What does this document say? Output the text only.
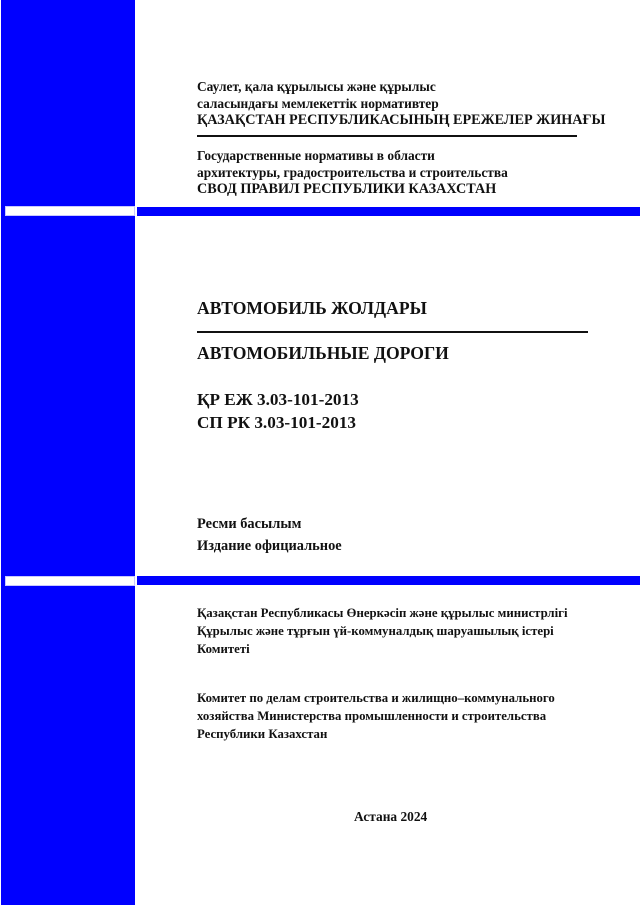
Саулет, қала құрылысы және құрылыс

саласындағы мемлекеттік нормативтер

ҚАЗАҚСТАН РЕСПУБЛИКАСЫНЫҢ ЕРЕЖЕЛЕР ЖИНАҒЫ

Государственные нормативы в области

архитектуры, градостроительства и строительства

СВОД ПРАВИЛ РЕСПУБЛИКИ КАЗАХСТАН

АВТОМОБИЛЬ ЖОЛДАРЫ

АВТОМОБИЛЬНЫЕ ДОРОГИ

ҚР ЕЖ 3.03-101-2013

СП РК 3.03-101-2013

Ресми басылым

Издание официальное

Қазақстан Республикасы Өнеркәсіп және құрылыс министрлігі

Құрылыс және тұрғын үй-коммуналдық шаруашылық істері

Комитеті

Комитет по делам строительства и жилищно–коммунального

хозяйства Министерства промышленности и строительства

Республики Казахстан

Астана 2024
